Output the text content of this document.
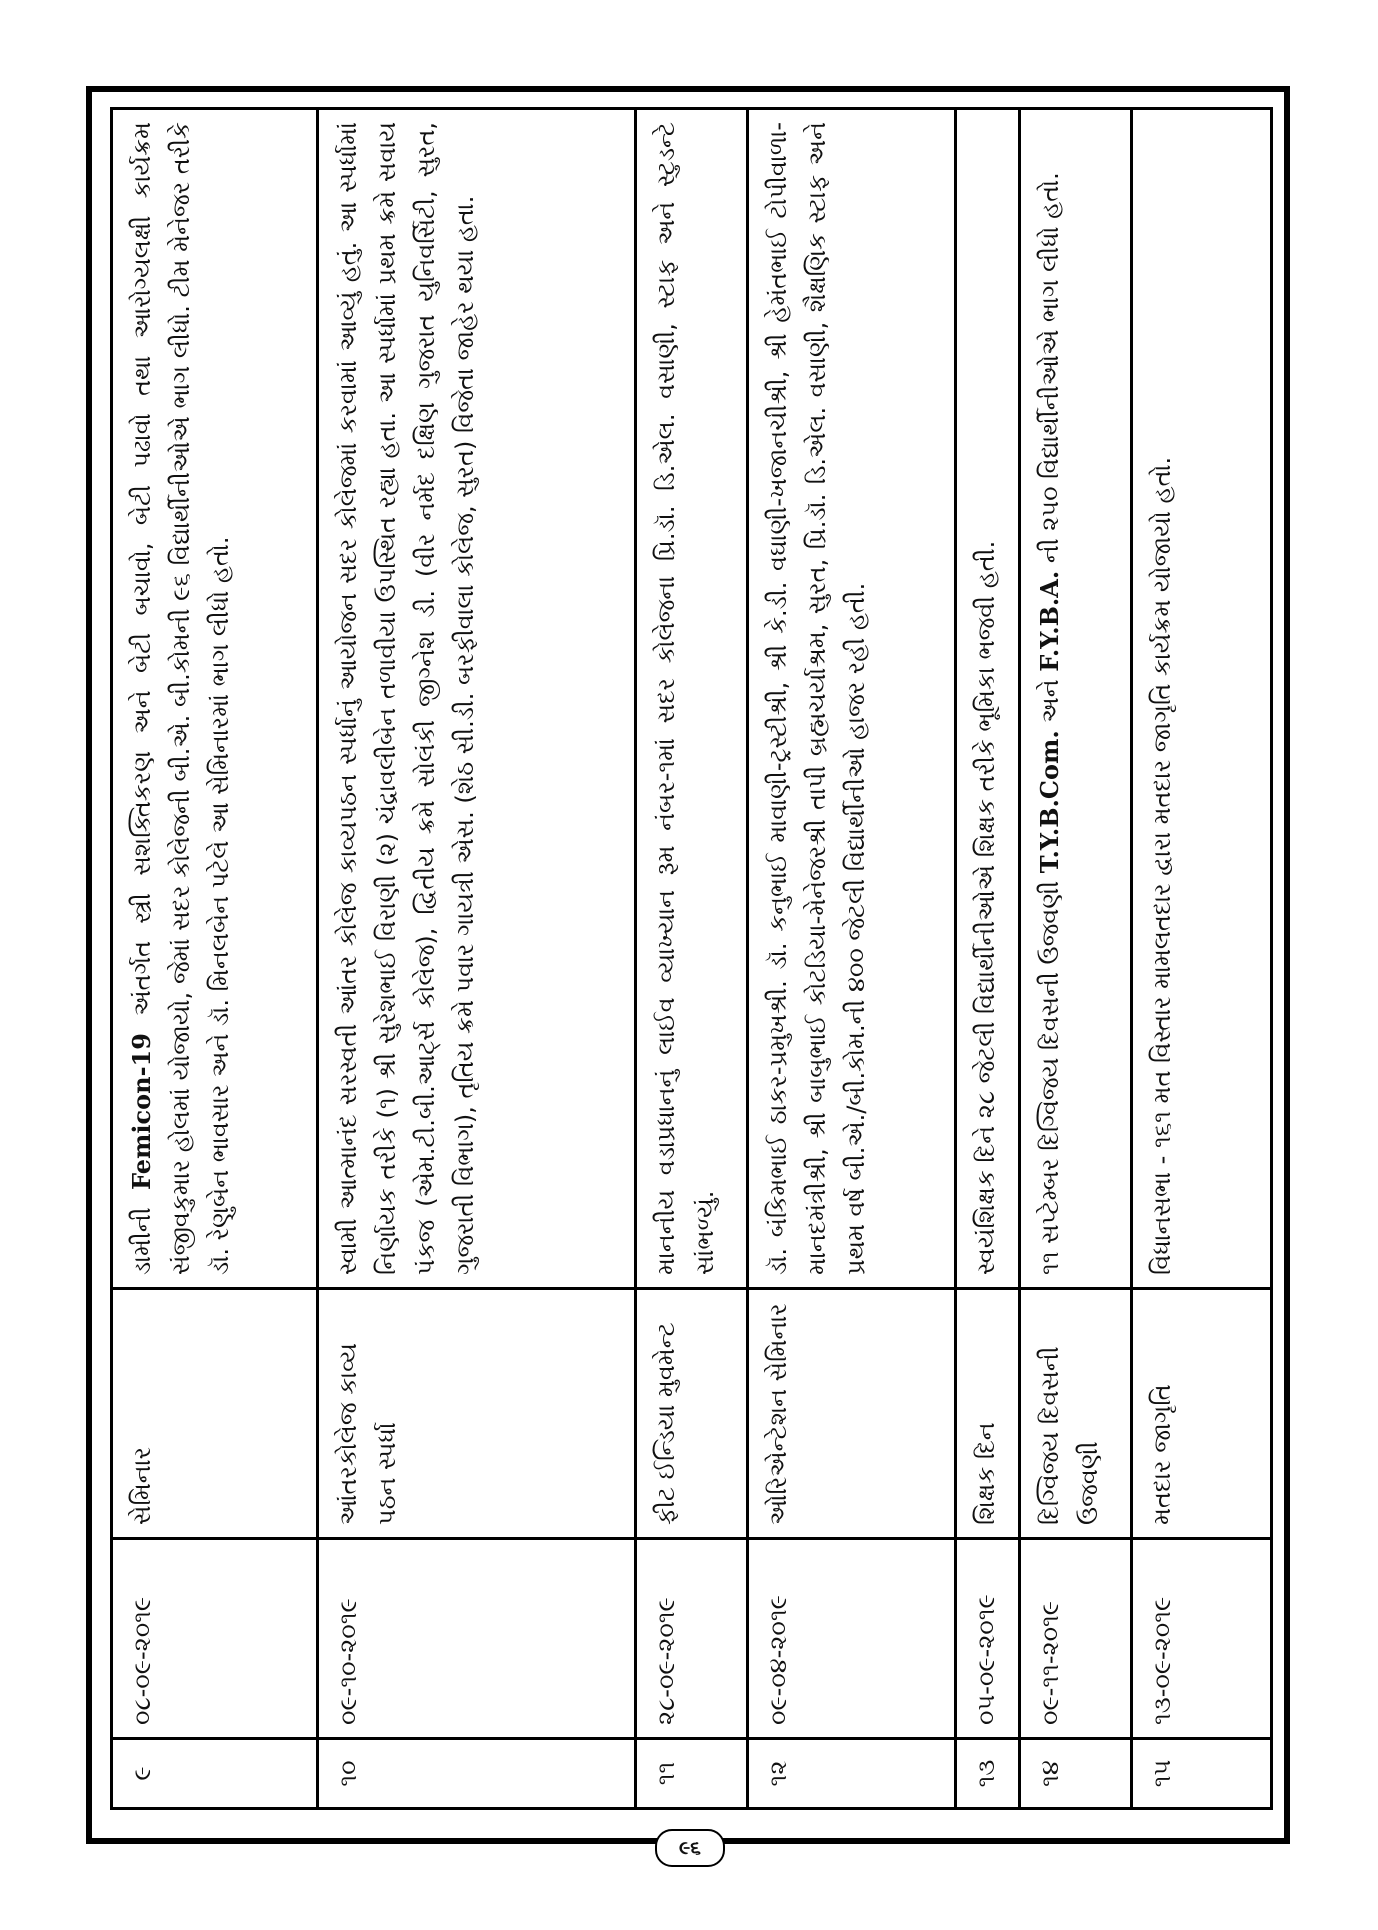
૯	૦૮-૦૯-૨૦૧૯	સેમિનાર	ડામીની Femicon-19 અંતર્ગત સ્ત્રી સશક્તિકરણ અને બેટી બચાવો, બેટી પઢાવો તથા આરોગ્યલક્ષી કાર્યક્રમ સંજીવકુમાર હોલમાં યોજાયો, જેમાં સદર કોલેજની બી.એ. બી.કોમની ૯૬ વિદ્યાર્થીનીઓએ ભાગ લીધો. ટીમ મેનેજર તરીકે ડૉ. રેણુબેન ભાવસાર અને ડૉ. મિનલબેન પટેલે આ સેમિનારમાં ભાગ લીધો હતો.
૧૦	૦૯-૧૦-૨૦૧૯	આંતરકોલેજ કાવ્ય પઠન સ્પર્ધા	સ્વામી આત્માનંદ સરસ્વતી આંતર કોલેજ કાવ્યપઠન સ્પર્ધાનું આયોજન સદર કોલેજમાં કરવામાં આવ્યું હતું. આ સ્પર્ધામાં નિર્ણાયક તરીકે (૧) શ્રી સુરેશભાઈ વિરાણી (૨) ચંદ્રાવલીબેન તળાવીયા ઉપસ્થિત રહ્યા હતા. આ સ્પર્ધામાં પ્રથમ ક્રમે સવાય પંકજ (એમ.ટી.બી.આર્ટ્સ કોલેજ), દ્વિતીય ક્રમે સોલંકી જીગ્નેશ ડી. (વીર નર્મદ દક્ષિણ ગુજરાત યુનિવર્સિટી, સુરત, ગુજરાતી વિભાગ), તૃતિય ક્રમે પવાર ગાયત્રી એસ. (શેઠ સી.ડી. બરફીવાલા કોલેજ, સુરત) વિજેતા જાહેર થયા હતા.
૧૧	૨૮-૦૯-૨૦૧૯	ફીટ ઈન્ડિયા મુવમેન્ટ	માનનીય વડાપ્રધાનનું લાઈવ વ્યાખ્યાન રૂમ નંબર-૧માં સદર કોલેજના પ્રિ.ડૉ. ડિ.એલ. વસાણી, સ્ટાફ અને સ્ટુડન્ટે સાંભળ્યું.
૧૨	૦૯-૦૪-૨૦૧૯	ઓરિએન્ટેશન સેમિનાર	ડૉ. બંકિમભાઈ ઠાકર-પ્રમુખશ્રી. ડૉ. કનુભાઈ માવાણી-ટ્રસ્ટીશ્રી, શ્રી કે.ડી. વઘાણી-ખજાનચીશ્રી, શ્રી હેમંતભાઈ ટોપીવાળા-માનદમંત્રીશ્રી, શ્રી બાબુભાઈ કોટડિયા-મેનેજરશ્રી તાપી બ્રહ્મચર્યાશ્રમ, સુરત, પ્રિ.ડૉ. ડિ.એલ. વસાણી, શૈક્ષણિક સ્ટાફ અને પ્રથમ વર્ષ બી.એ./બી.કોમ.ની ૪૦૦ જેટલી વિદ્યાર્થીનીઓ હાજર રહી હતી.
૧૩	૦૫-૦૯-૨૦૧૯	શિક્ષક દિન	સ્વયંશિક્ષક દિને ૨૮ જેટલી વિદ્યાર્થીનીઓએ શિક્ષક તરીકે ભૂમિકા ભજવી હતી.
૧૪	૦૯-૧૧-૨૦૧૯	દિગ્વિજય દિવસની ઉજવણી	૧૧ સપ્ટેમ્બર દિગ્વિજય દિવસની ઉજવણી T.Y.B.Com. અને F.Y.B.A. ની ૨૫૦ વિદ્યાર્થીનીઓએ ભાગ લીધો હતો.
૧૫	૧૩-૦૯-૨૦૧૯	મતદાર જાગૃતિ	વિધાનસભા - ૧૬૧ મત વિસ્તાર મામલતદાર દ્વારા મતદાર જાગૃતિ કાર્યક્રમ યોજાયો હતો.
૯૬
